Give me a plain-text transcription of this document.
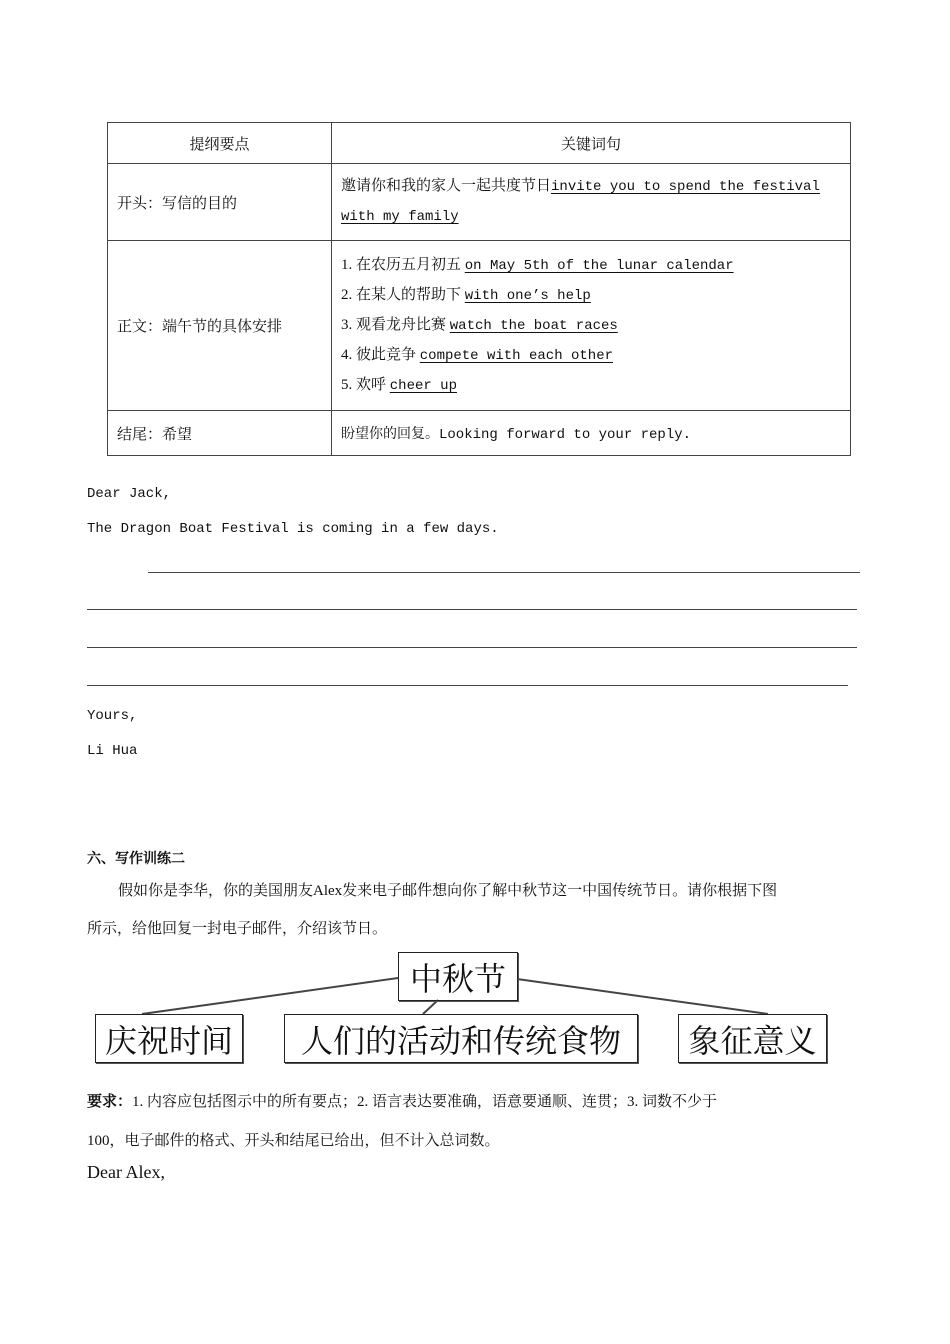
提纲要点	关键词句
开头：写信的目的	邀请你和我的家人一起共度节日invite you to spend the festival with my family

正文：端午节的具体安排	1. 在农历五月初五 on May 5th of the lunar calendar
2. 在某人的帮助下 with one’s help
3. 观看龙舟比赛 watch the boat races
4. 彼此竞争 compete with each other
5. 欢呼 cheer up

结尾：希望	盼望你的回复。Looking forward to your reply.
Dear Jack,
The Dragon Boat Festival is coming in a few days.
Yours,
Li Hua
六、写作训练二
假如你是李华，你的美国朋友Alex发来电子邮件想向你了解中秋节这一中国传统节日。请你根据下图
所示，给他回复一封电子邮件，介绍该节日。
中秋节
庆祝时间	人们的活动和传统食物	象征意义
要求：1. 内容应包括图示中的所有要点；2. 语言表达要准确，语意要通顺、连贯；3. 词数不少于
100，电子邮件的格式、开头和结尾已给出，但不计入总词数。
Dear Alex,
